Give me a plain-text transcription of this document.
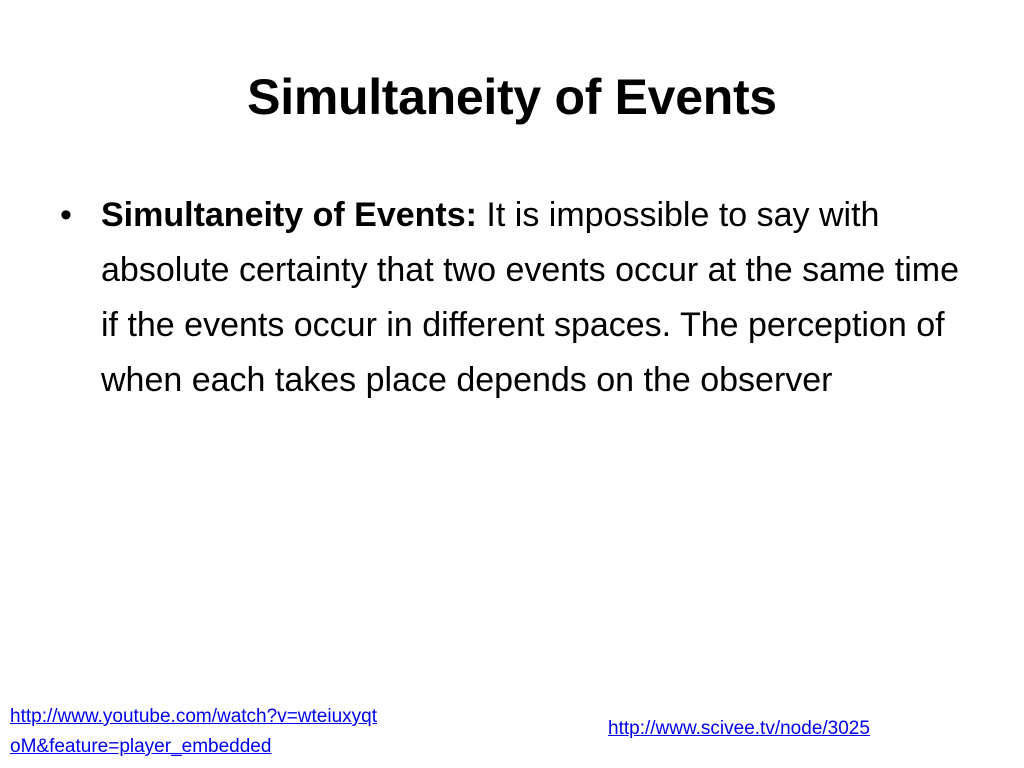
Simultaneity of Events
• Simultaneity of Events: It is impossible to say with absolute certainty that two events occur at the same time if the events occur in different spaces. The perception of when each takes place depends on the observer
http://www.youtube.com/watch?v=wteiuxyqt
oM&feature=player_embedded
http://www.scivee.tv/node/3025
